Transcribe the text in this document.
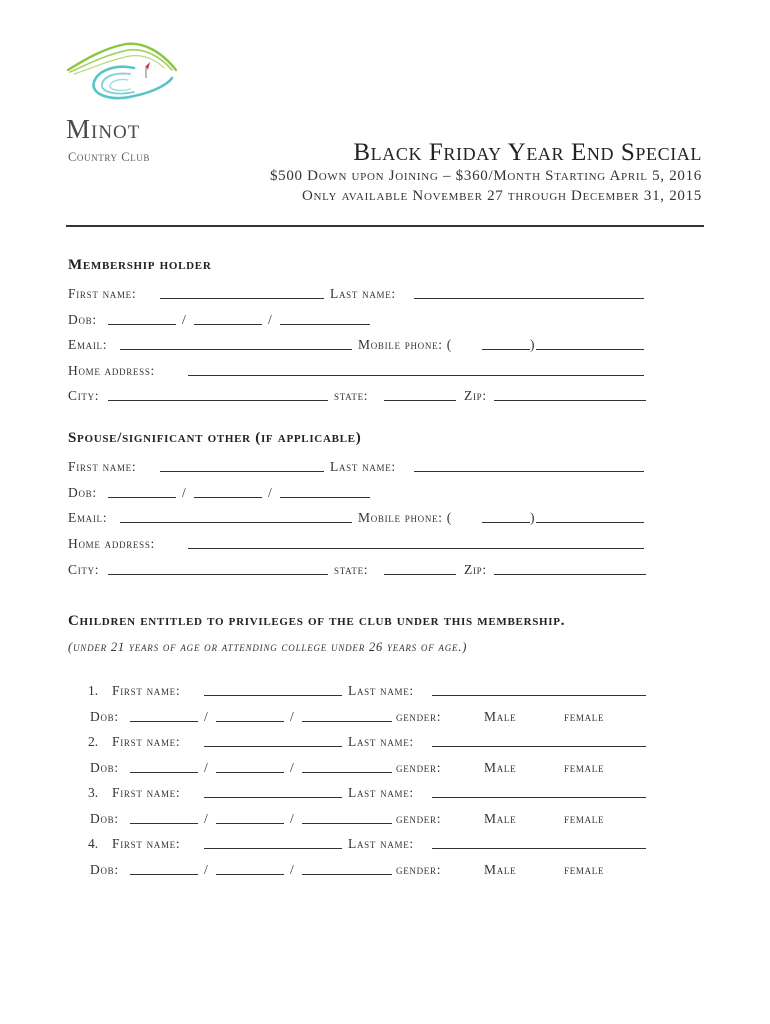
Minot
Country Club	Black Friday Year End Special
$500 Down upon Joining – $360/Month Starting April 5, 2016
Only available November 27 through December 31, 2015
Membership holder
First name:	Last name:
Dob:	/	/
Email:	Mobile phone: (	)
Home address:
City:	state:	Zip:
Spouse/significant other (if applicable)
First name:	Last name:
Dob:	/	/
Email:	Mobile phone: (	)
Home address:
City:	state:	Zip:
Children entitled to privileges of the club under this membership.
(under 21 years of age or attending college under 26 years of age.)
1. First name:	Last name:
Dob:	/	/	gender:	Male	female
2. First name:	Last name:
Dob:	/	/	gender:	Male	female
3. First name:	Last name:
Dob:	/	/	gender:	Male	female
4. First name:	Last name:
Dob:	/	/	gender:	Male	female
